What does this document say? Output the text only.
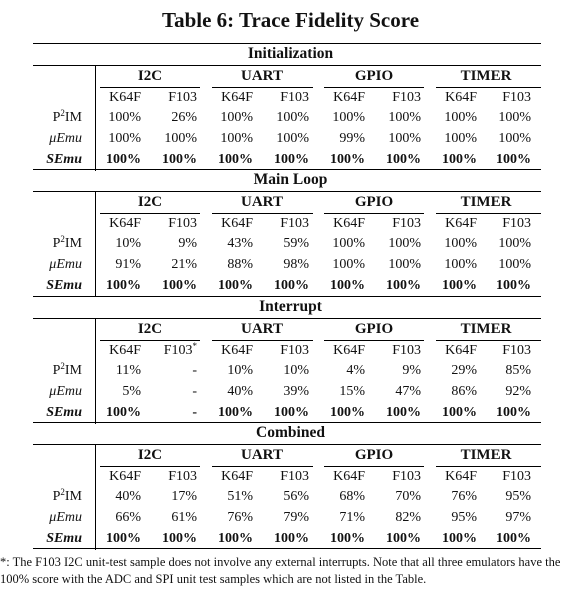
Table 6: Trace Fidelity Score
Initialization
I2C	UART	GPIO	TIMER
K64F	F103	K64F	F103	K64F	F103	K64F	F103
$P^2IM$	100%	26%	100%	100%	100%	100%	100%	100%
μEmu	100%	100%	100%	100%	99%	100%	100%	100%
SEmu	100%	100%	100%	100%	100%	100%	100%	100%
Main Loop
I2C	UART	GPIO	TIMER
K64F	F103	K64F	F103	K64F	F103	K64F	F103
$P^2IM$	10%	9%	43%	59%	100%	100%	100%	100%
μEmu	91%	21%	88%	98%	100%	100%	100%	100%
SEmu	100%	100%	100%	100%	100%	100%	100%	100%
Interrupt
I2C	UART	GPIO	TIMER
K64F	F103*	K64F	F103	K64F	F103	K64F	F103
$P^2IM$	11%	-	10%	10%	4%	9%	29%	85%
μEmu	5%	-	40%	39%	15%	47%	86%	92%
SEmu	100%	-	100%	100%	100%	100%	100%	100%
Combined
I2C	UART	GPIO	TIMER
K64F	F103	K64F	F103	K64F	F103	K64F	F103
$P^2IM$	40%	17%	51%	56%	68%	70%	76%	95%
μEmu	66%	61%	76%	79%	71%	82%	95%	97%
SEmu	100%	100%	100%	100%	100%	100%	100%	100%
*: The F103 I2C unit-test sample does not involve any external interrupts. Note that all three emulators have the 100% score with the ADC and SPI unit test samples which are not listed in the Table.
